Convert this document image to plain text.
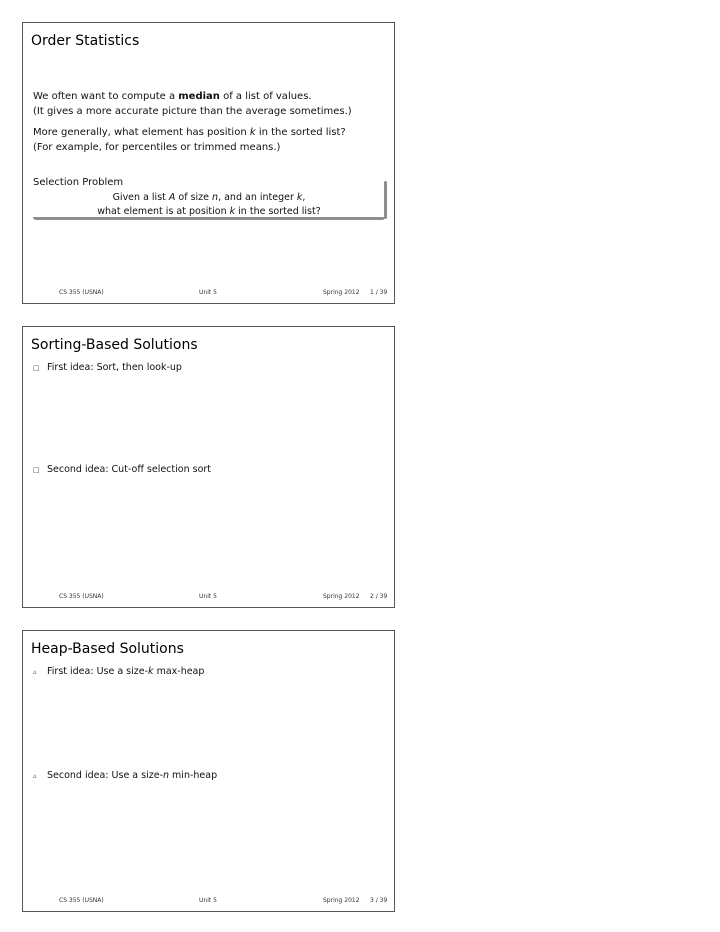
Order Statistics

We often want to compute a median of a list of values.

(It gives a more accurate picture than the average sometimes.)

More generally, what element has position k in the sorted list?

(For example, for percentiles or trimmed means.)

Selection Problem
Given a list A of size n, and an integer k,
what element is at position k in the sorted list?
CS 355 (USNA)	Unit 5	Spring 2012 1 / 39
Sorting-Based Solutions
□ First idea: Sort, then look-up
□ Second idea: Cut-off selection sort
CS 355 (USNA)	Unit 5	Spring 2012 2 / 39
Heap-Based Solutions
▵ First idea: Use a size-k max-heap
▵ Second idea: Use a size-n min-heap
CS 355 (USNA)	Unit 5	Spring 2012 3 / 39
